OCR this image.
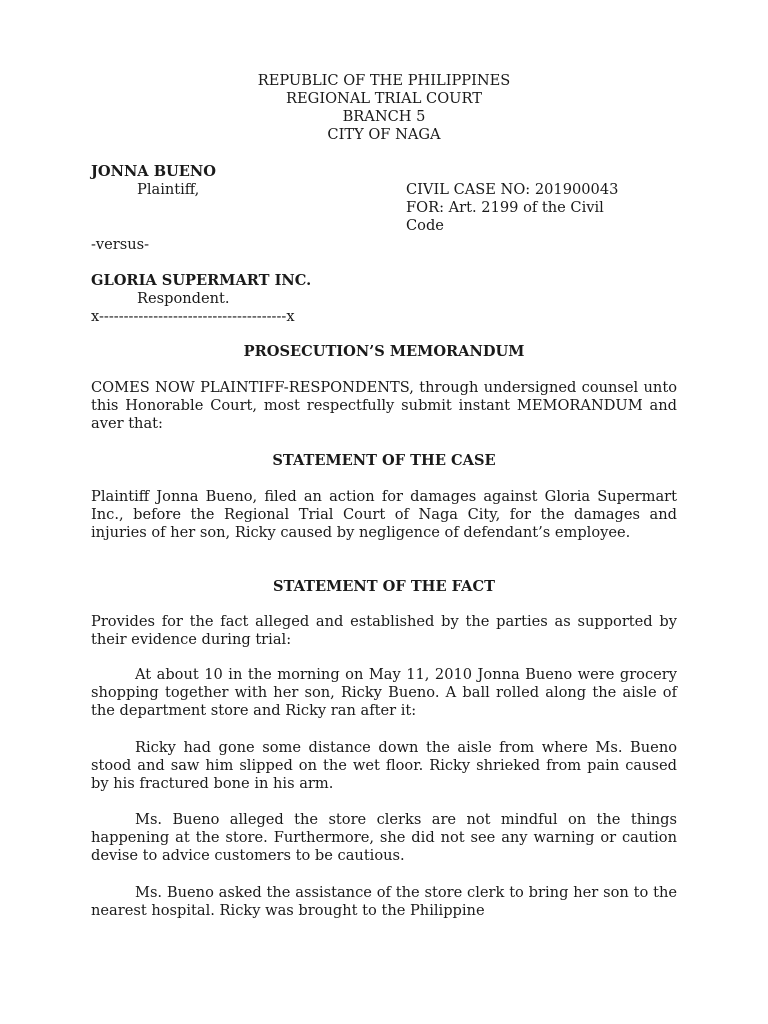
REPUBLIC OF THE PHILIPPINES
REGIONAL TRIAL COURT
BRANCH 5
CITY OF NAGA
JONNA BUENO
Plaintiff,	CIVIL CASE NO: 201900043
FOR: Art. 2199 of the Civil
Code
-versus-
GLORIA SUPERMART INC.
Respondent.
x--------------------------------------x
PROSECUTION’S MEMORANDUM
COMES NOW PLAINTIFF-RESPONDENTS, through undersigned counsel unto this Honorable Court, most respectfully submit instant MEMORANDUM and aver that:
STATEMENT OF THE CASE
Plaintiff Jonna Bueno, filed an action for damages against Gloria Supermart Inc., before the Regional Trial Court of Naga City, for the damages and injuries of her son, Ricky caused by negligence of defendant’s employee.
STATEMENT OF THE FACT
Provides for the fact alleged and established by the parties as supported by their evidence during trial:
At about 10 in the morning on May 11, 2010 Jonna Bueno were grocery shopping together with her son, Ricky Bueno. A ball rolled along the aisle of the department store and Ricky ran after it:
Ricky had gone some distance down the aisle from where Ms. Bueno stood and saw him slipped on the wet floor. Ricky shrieked from pain caused by his fractured bone in his arm.
Ms. Bueno alleged the store clerks are not mindful on the things happening at the store. Furthermore, she did not see any warning or caution devise to advice customers to be cautious.
Ms. Bueno asked the assistance of the store clerk to bring her son to the nearest hospital. Ricky was brought to the Philippine
